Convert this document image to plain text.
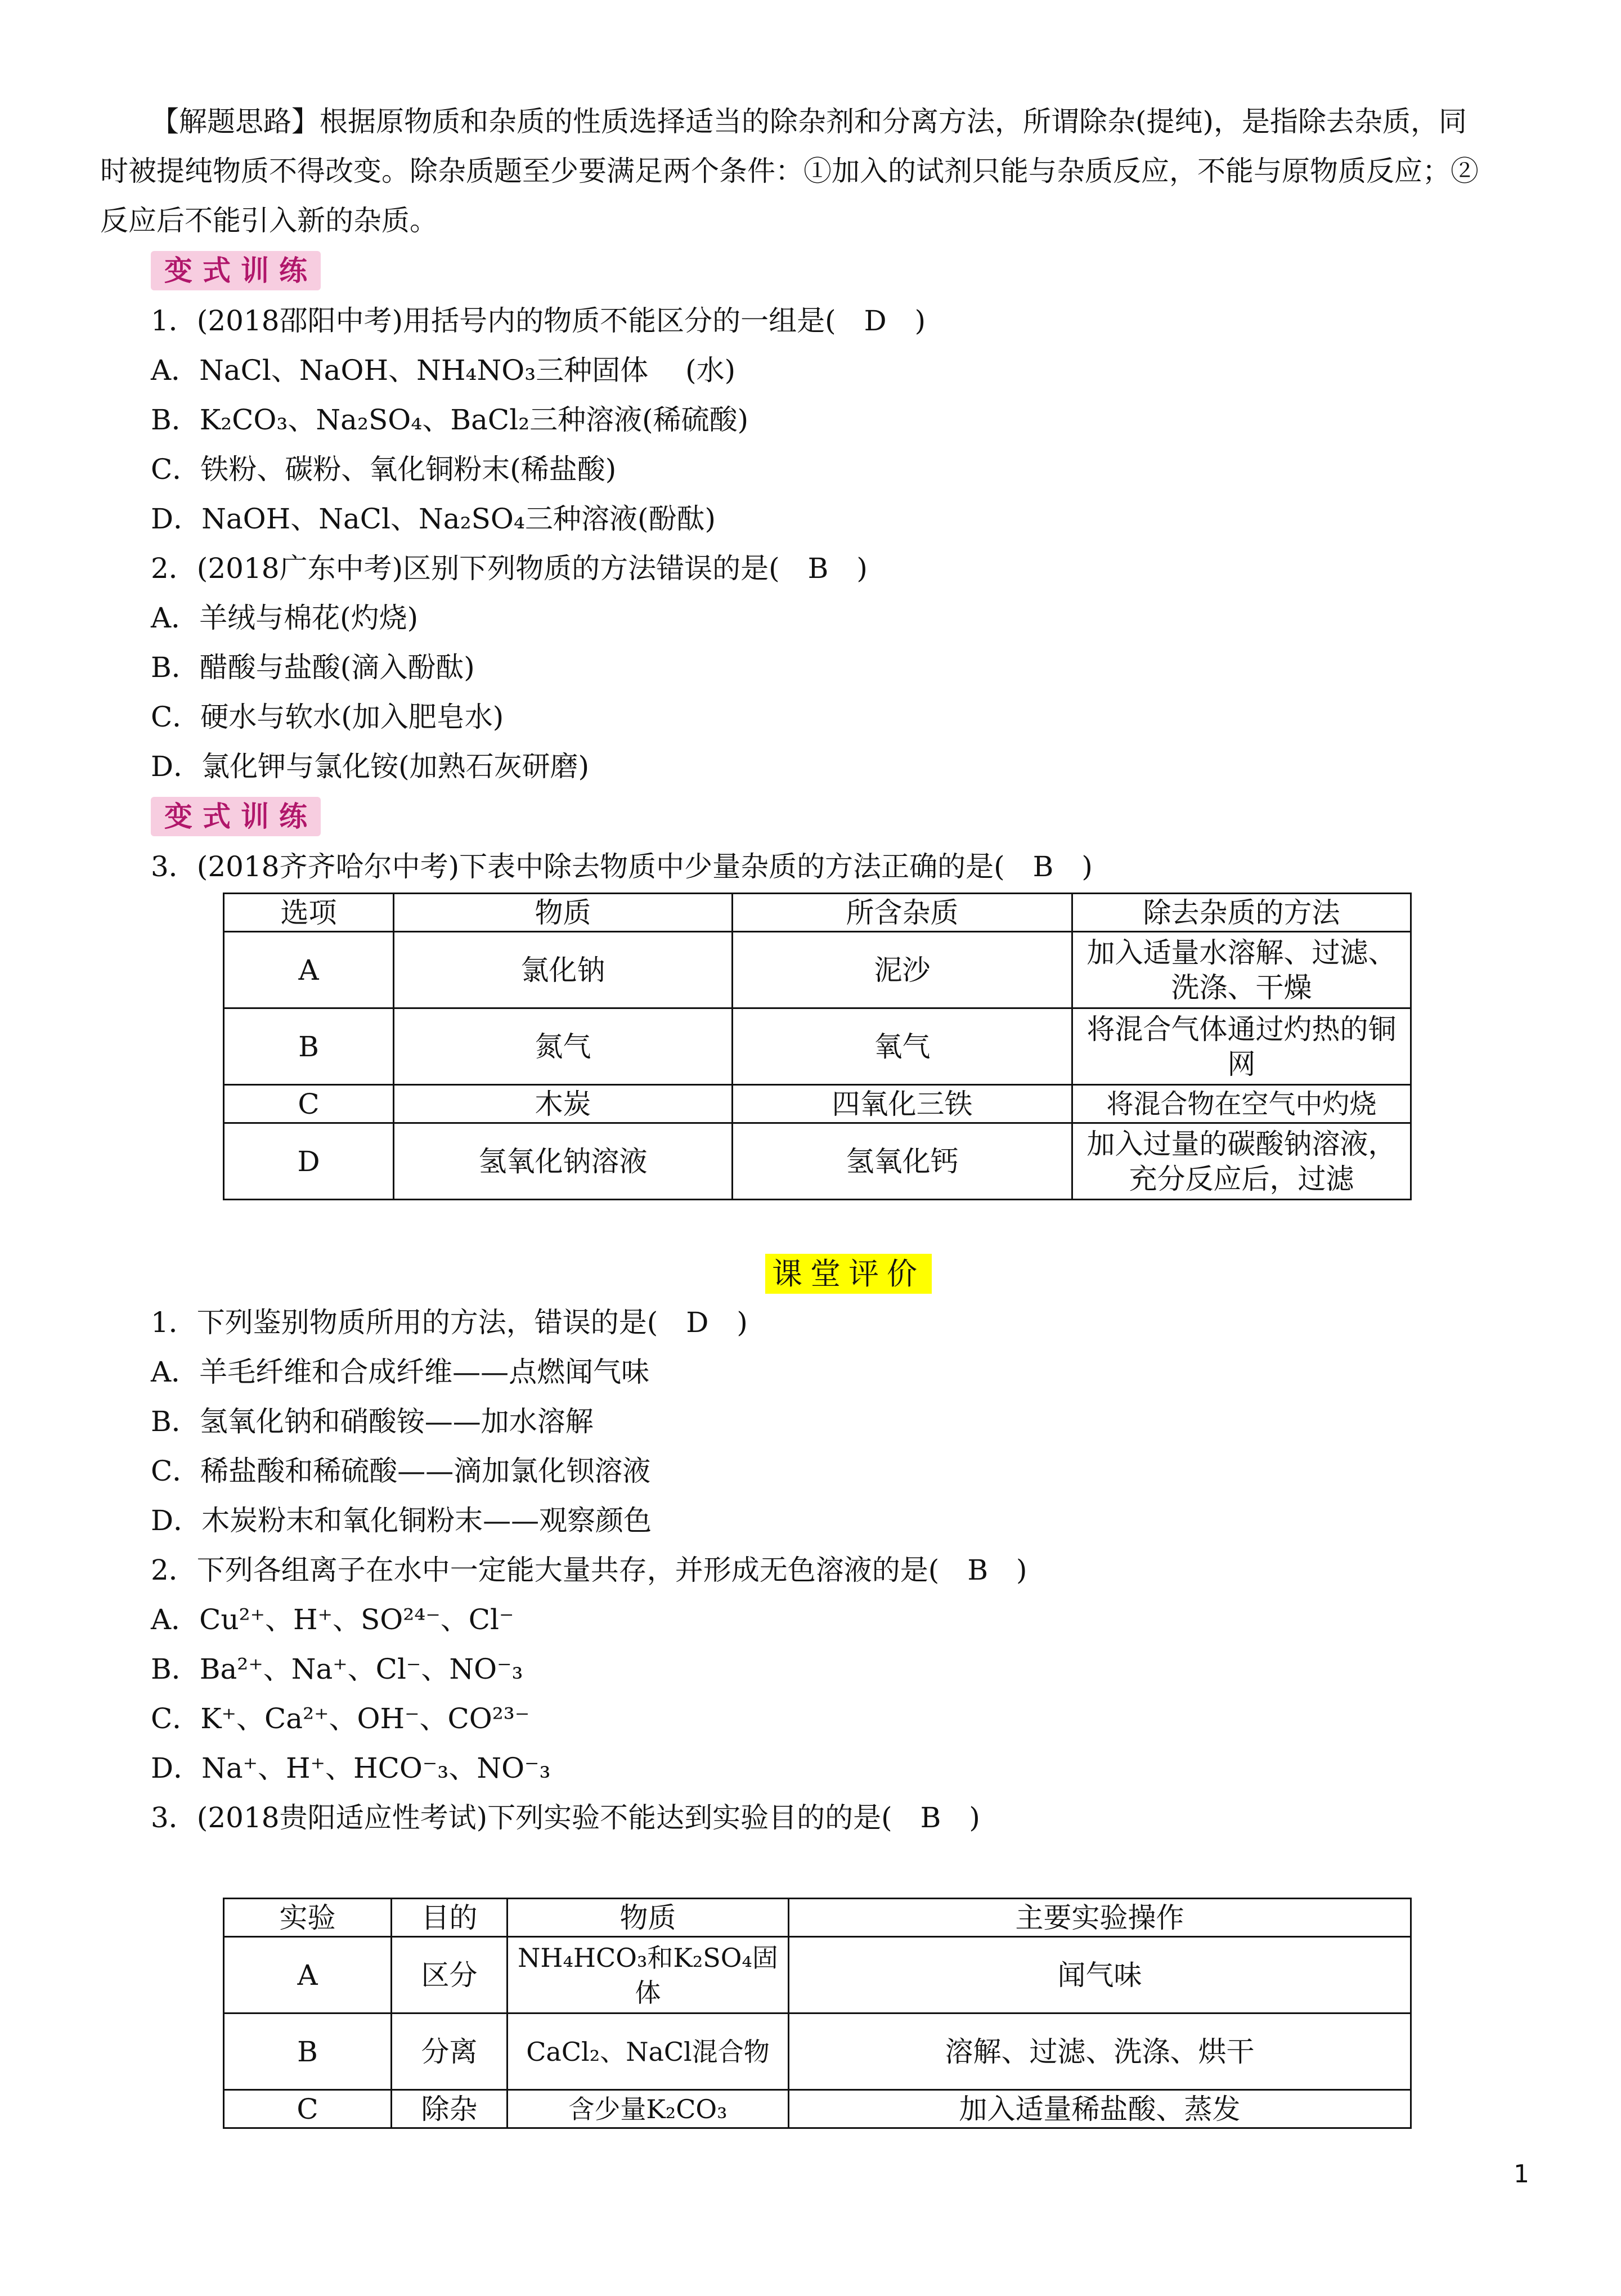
【解题思路】根据原物质和杂质的性质选择适当的除杂剂和分离方法，所谓除杂(提纯)，是指除去杂质，同
时被提纯物质不得改变。除杂质题至少要满足两个条件：①加入的试剂只能与杂质反应，不能与原物质反应；②
反应后不能引入新的杂质。
变式训练
1．(2018邵阳中考)用括号内的物质不能区分的一组是(　D　)
A．NaCl、NaOH、NH₄NO₃三种固体　 (水)
B．K₂CO₃、Na₂SO₄、BaCl₂三种溶液(稀硫酸)
C．铁粉、碳粉、氧化铜粉末(稀盐酸)
D．NaOH、NaCl、Na₂SO₄三种溶液(酚酞)
2．(2018广东中考)区别下列物质的方法错误的是(　B　)
A．羊绒与棉花(灼烧)
B．醋酸与盐酸(滴入酚酞)
C．硬水与软水(加入肥皂水)
D．氯化钾与氯化铵(加熟石灰研磨)
变式训练
3．(2018齐齐哈尔中考)下表中除去物质中少量杂质的方法正确的是(　B　)
选项	物质	所含杂质	除去杂质的方法
A	氯化钠	泥沙	加入适量水溶解、过滤、洗涤、干燥
B	氮气	氧气	将混合气体通过灼热的铜网
C	木炭	四氧化三铁	将混合物在空气中灼烧
D	氢氧化钠溶液	氢氧化钙	加入过量的碳酸钠溶液，充分反应后，过滤
课堂评价
1．下列鉴别物质所用的方法，错误的是(　D　)
A．羊毛纤维和合成纤维——点燃闻气味
B．氢氧化钠和硝酸铵——加水溶解
C．稀盐酸和稀硫酸——滴加氯化钡溶液
D．木炭粉末和氧化铜粉末——观察颜色
2．下列各组离子在水中一定能大量共存，并形成无色溶液的是(　B　)
A．Cu²⁺、H⁺、SO²⁴⁻、Cl⁻
B．Ba²⁺、Na⁺、Cl⁻、NO⁻₃
C．K⁺、Ca²⁺、OH⁻、CO²³⁻
D．Na⁺、H⁺、HCO⁻₃、NO⁻₃
3．(2018贵阳适应性考试)下列实验不能达到实验目的的是(　B　)
实验	目的	物质	主要实验操作
A	区分	NH₄HCO₃和K₂SO₄固体	闻气味
B	分离	CaCl₂、NaCl混合物	溶解、过滤、洗涤、烘干
C	除杂	含少量K₂CO₃	加入适量稀盐酸、蒸发
1
